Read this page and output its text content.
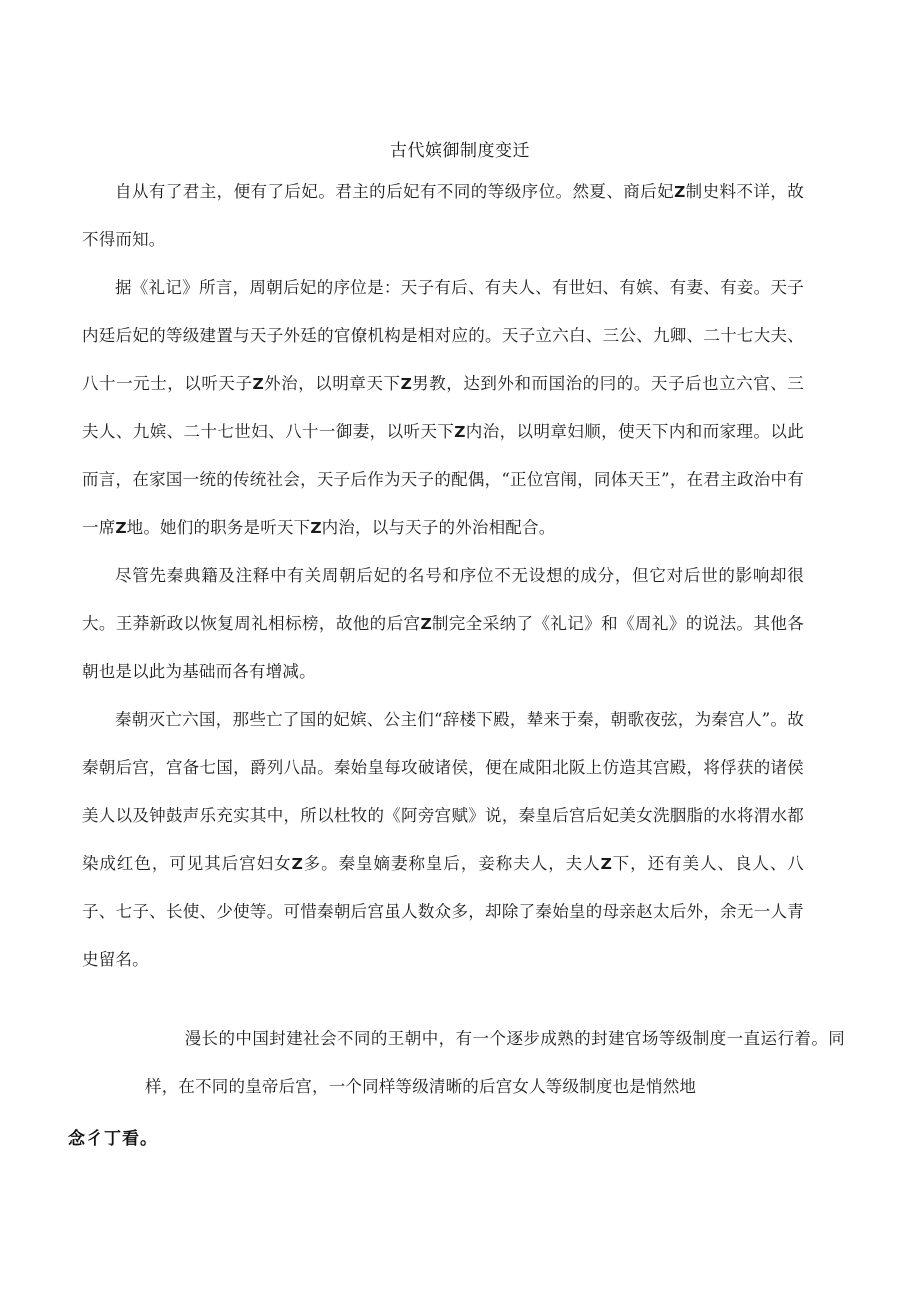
古代嫔御制度变迁

自从有了君主，便有了后妃。君主的后妃有不同的等级序位。然夏、商后妃Z制史料不详，故不得而知。

据《礼记》所言，周朝后妃的序位是：天子有后、有夫人、有世妇、有嫔、有妻、有妾。天子内廷后妃的等级建置与天子外廷的官僚机构是相对应的。天子立六白、三公、九卿、二十七大夫、八十一元士，以听天子Z外治，以明章天下Z男教，达到外和而国治的冃的。天子后也立六官、三夫人、九嫔、二十七世妇、八十一御妻，以听天下Z内治，以明章妇顺，使天下内和而家理。以此而言，在家国一统的传统社会，天子后作为天子的配偶，“正位宫闱，同体天王”，在君主政治中有一席Z地。她们的职务是听天下Z内治，以与天子的外治相配合。

尽管先秦典籍及注释中有关周朝后妃的名号和序位不无设想的成分，但它对后世的影响却很大。王莽新政以恢复周礼相标榜，故他的后宫Z制完全采纳了《礼记》和《周礼》的说法。其他各朝也是以此为基础而各有增减。

秦朝灭亡六国，那些亡了国的妃嫔、公主们“辞楼下殿，辇来于秦，朝歌夜弦，为秦宫人”。故秦朝后宫，宫备七国，爵列八品。秦始皇每攻破诸侯，便在咸阳北阪上仿造其宫殿，将俘获的诸侯美人以及钟鼓声乐充实其中，所以杜牧的《阿旁宫赋》说，秦皇后宫后妃美女洗胭脂的水将渭水都染成红色，可见其后宫妇女Z多。秦皇嫡妻称皇后，妾称夫人，夫人Z下，还有美人、良人、八子、七子、长使、少使等。可惜秦朝后宫虽人数众多，却除了秦始皇的母亲赵太后外，余无一人青史留名。

漫长的中国封建社会不同的王朝中，有一个逐步成熟的封建官场等级制度一直运行着。同样，在不同的皇帝后宫，一个同样等级清晰的后宫女人等级制度也是悄然地

念彳丁看。
